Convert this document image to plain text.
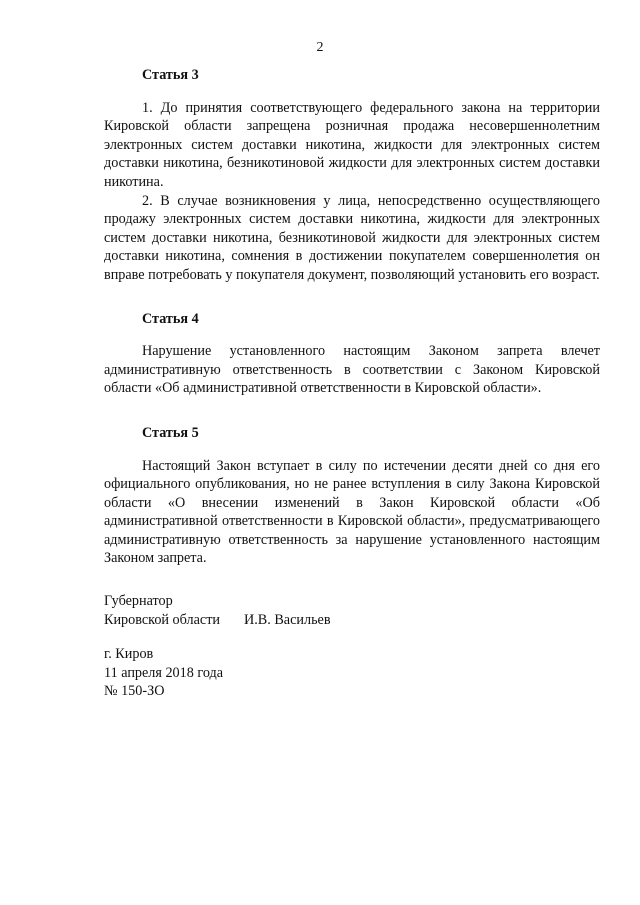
2
Статья 3

1. До принятия соответствующего федерального закона на территории Кировской области запрещена розничная продажа несовершеннолетним электронных систем доставки никотина, жидкости для электронных систем доставки никотина, безникотиновой жидкости для электронных систем доставки никотина.

2. В случае возникновения у лица, непосредственно осуществляющего продажу электронных систем доставки никотина, жидкости для электронных систем доставки никотина, безникотиновой жидкости для электронных систем доставки никотина, сомнения в достижении покупателем совершеннолетия он вправе потребовать у покупателя документ, позволяющий установить его возраст.

Статья 4

Нарушение установленного настоящим Законом запрета влечет административную ответственность в соответствии с Законом Кировской области «Об административной ответственности в Кировской области».

Статья 5

Настоящий Закон вступает в силу по истечении десяти дней со дня его официального опубликования, но не ранее вступления в силу Закона Кировской области «О внесении изменений в Закон Кировской области «Об административной ответственности в Кировской области», предусматривающего административную ответственность за нарушение установленного настоящим Законом запрета.

Губернатор
Кировской области И.В. Васильев
г. Киров
11 апреля 2018 года
№ 150-ЗО
